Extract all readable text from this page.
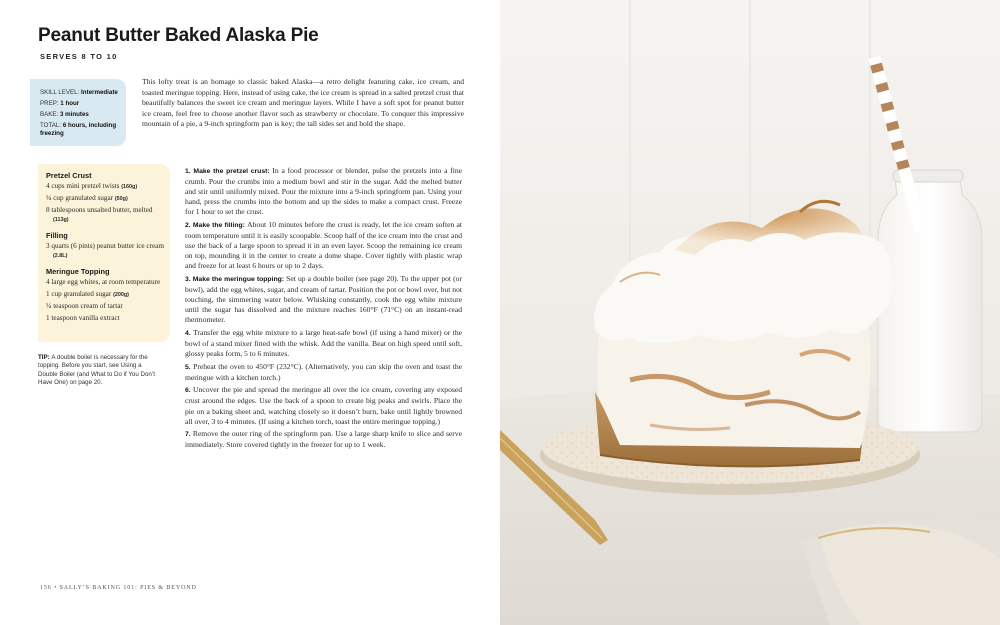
Peanut Butter Baked Alaska Pie
SERVES 8 TO 10
SKILL LEVEL: Intermediate
PREP: 1 hour
BAKE: 3 minutes
TOTAL: 6 hours, including freezing
This lofty treat is an homage to classic baked Alaska—a retro delight featuring cake, ice cream, and toasted meringue topping. Here, instead of using cake, the ice cream is spread in a salted pretzel crust that beautifully balances the sweet ice cream and meringue layers. While I have a soft spot for peanut butter ice cream, feel free to choose another flavor such as strawberry or chocolate. To conquer this impressive mountain of a pie, a 9-inch springform pan is key; the tall sides set and hold the shape.
Pretzel Crust
4 cups mini pretzel twists (160g)
¼ cup granulated sugar (50g)
8 tablespoons unsalted butter, melted (113g)
Filling
3 quarts (6 pints) peanut butter ice cream (2.8L)
Meringue Topping
4 large egg whites, at room temperature
1 cup granulated sugar (200g)
¼ teaspoon cream of tartar
1 teaspoon vanilla extract
TIP: A double boiler is necessary for the topping. Before you start, see Using a Double Boiler (and What to Do if You Don’t Have One) on page 20.
1. Make the pretzel crust: In a food processor or blender, pulse the pretzels into a fine crumb. Pour the crumbs into a medium bowl and stir in the sugar. Add the melted butter and stir until uniformly mixed. Pour the mixture into a 9-inch springform pan. Using your hand, press the crumbs into the bottom and up the sides to make a compact crust. Freeze for 1 hour to set the crust.
2. Make the filling: About 10 minutes before the crust is ready, let the ice cream soften at room temperature until it is easily scoopable. Scoop half of the ice cream into the crust and use the back of a large spoon to spread it in an even layer. Scoop the remaining ice cream on top, mounding it in the center to create a dome shape. Cover tightly with plastic wrap and freeze for at least 6 hours or up to 2 days.
3. Make the meringue topping: Set up a double boiler (see page 20). To the upper pot (or bowl), add the egg whites, sugar, and cream of tartar. Position the pot or bowl over, but not touching, the simmering water below. Whisking constantly, cook the egg white mixture until the sugar has dissolved and the mixture reaches 160°F (71°C) on an instant-read thermometer.
4. Transfer the egg white mixture to a large heat-safe bowl (if using a hand mixer) or the bowl of a stand mixer fitted with the whisk. Add the vanilla. Beat on high speed until soft, glossy peaks form, 5 to 6 minutes.
5. Preheat the oven to 450°F (232°C). (Alternatively, you can skip the oven and toast the meringue with a kitchen torch.)
6. Uncover the pie and spread the meringue all over the ice cream, covering any exposed crust around the edges. Use the back of a spoon to create big peaks and swirls. Place the pie on a baking sheet and, watching closely so it doesn’t burn, bake until lightly browned all over, 3 to 4 minutes. (If using a kitchen torch, toast the entire meringue topping.)
7. Remove the outer ring of the springform pan. Use a large sharp knife to slice and serve immediately. Store covered tightly in the freezer for up to 1 week.
156 • SALLY’S BAKING 101: PIES & BEYOND
